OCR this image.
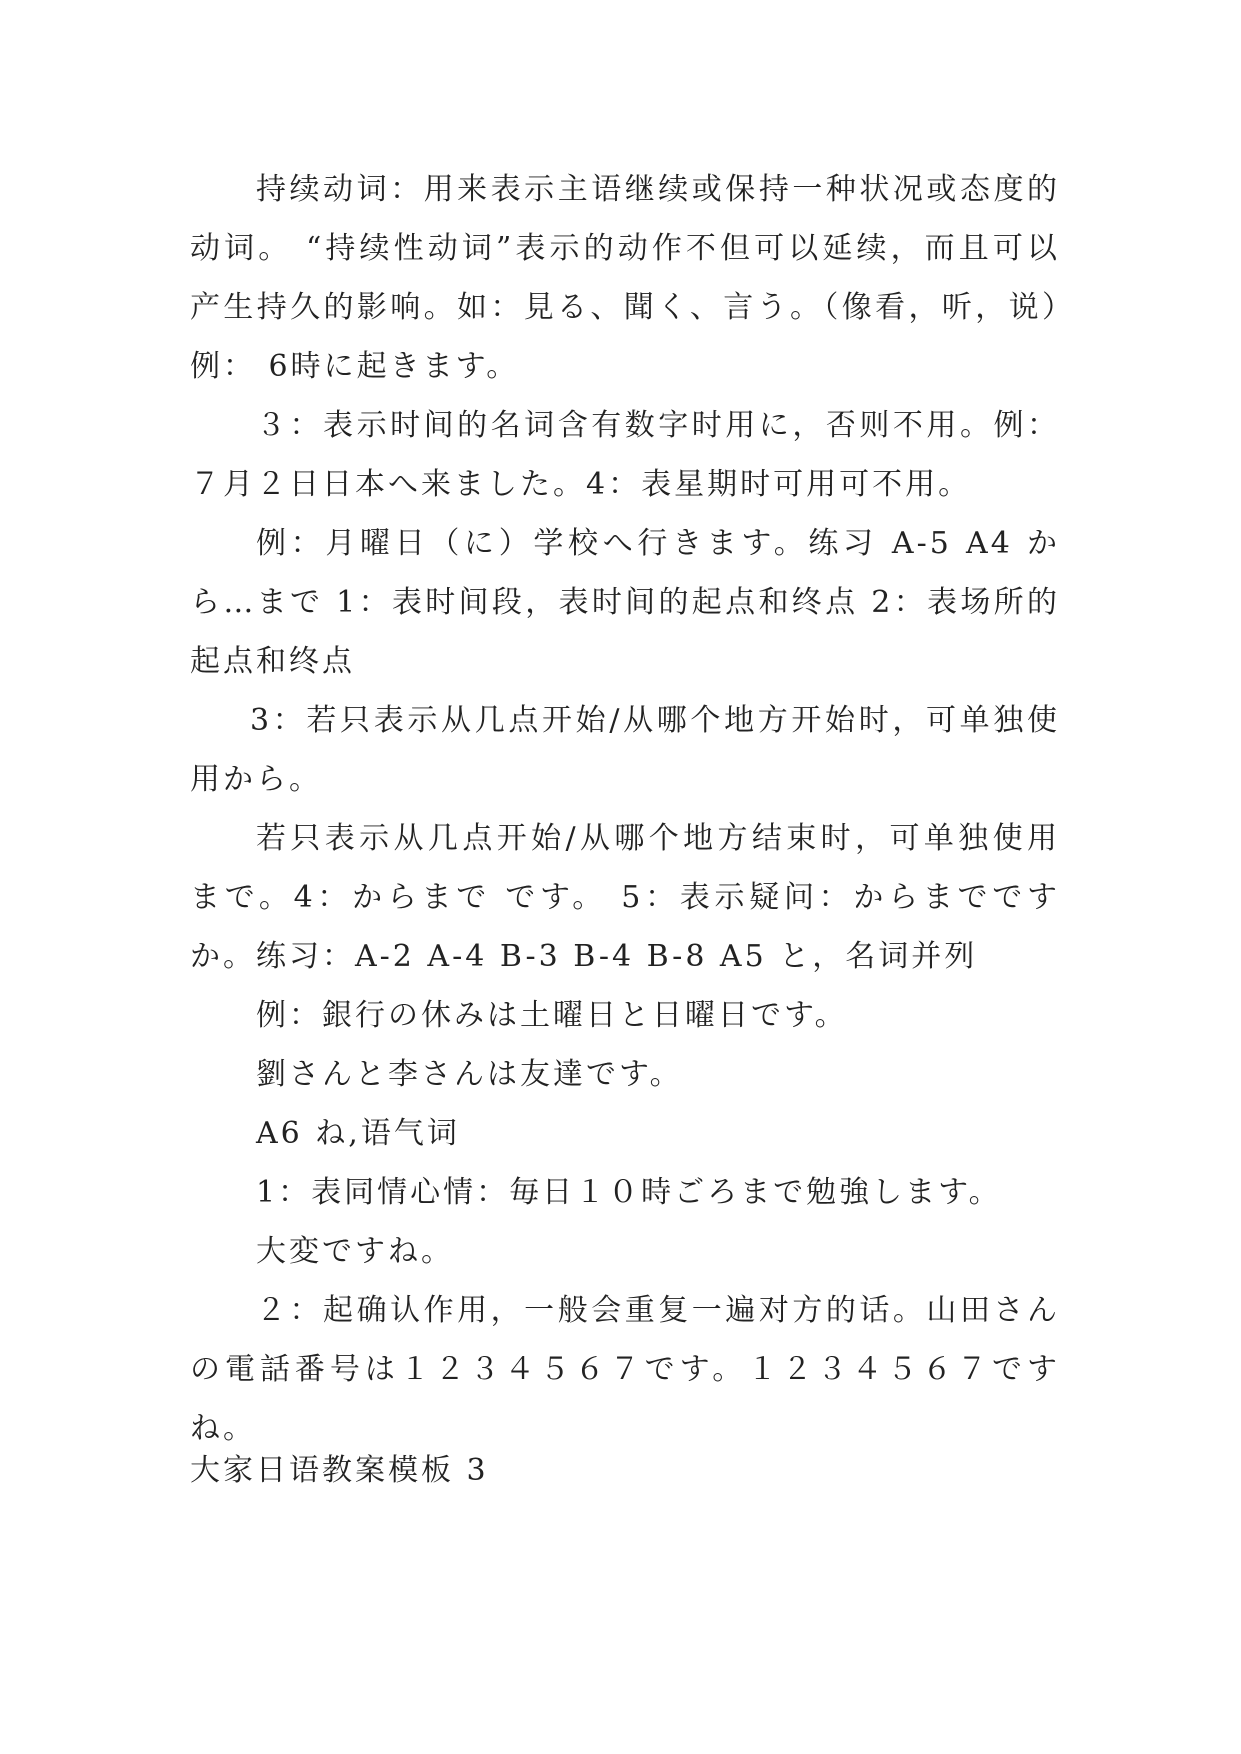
持续动词：用来表示主语继续或保持一种状况或态度的动词。 “持续性动词”表示的动作不但可以延续，而且可以产生持久的影响。如：見る、聞く、言う。（像看，听，说）例： 6時に起きます。

３：表示时间的名词含有数字时用に，否则不用。例：７月２日日本へ来ました。4：表星期时可用可不用。

例：月曜日（に）学校へ行きます。练习 A-5 A4 から…まで 1：表时间段，表时间的起点和终点 2：表场所的起点和终点

3：若只表示从几点开始/从哪个地方开始时，可单独使用から。

若只表示从几点开始/从哪个地方结束时，可单独使用まで。4：からまで です。 5：表示疑问：からまでですか。练习：A-2 A-4 B-3 B-4 B-8 A5 と，名词并列

例：銀行の休みは土曜日と日曜日です。

劉さんと李さんは友達です。

A6 ね,语气词

1：表同情心情：毎日１０時ごろまで勉強します。

大変ですね。

２：起确认作用，一般会重复一遍对方的话。山田さんの電話番号は１２３４５６７です。１２３４５６７ですね。

大家日语教案模板 3
